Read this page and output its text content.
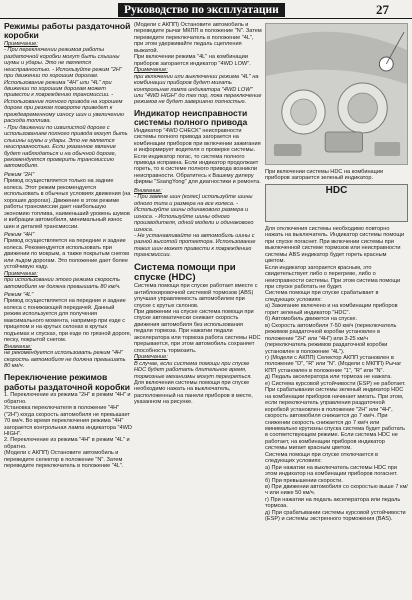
Руководство по эксплуатации	27

Режимы работы раздаточной коробки

Примечание:

- При переключении режимов работы раздаточной коробки могут быть слышны шумы и удары. Это не является неисправностью. - Используйте режим "2Н" при движении по хорошим дорогам. Использование режима "4Н" или "4L" при движении по хорошим дорогам может привести к повреждению трансмиссии. - Использование полного привода на хорошем дороге при резком повороте приведет к преждевременному износу шин и увеличению расхода топлива.

- При движении по извилистой дороге с использованием полного привода могут быть слышны шумы и удары. Это не является неисправностью. Если указанное явление будет наблюдаться и на обычной дороге, рекомендуется проверить трансмиссию автомобиля.

Режим "2Н"

Привод осуществляется только на задние колеса. Этот режим рекомендуется использовать в обычных условиях движения (на хороших дорогах). Движение в этом режиме работы трансмиссии дает наибольшую экономию топлива, наименьший уровень шумов и вибрации автомобиля, минимальный износ шин и деталей трансмиссии.

Режим "4Н"

Привод осуществляется на передние и задние колеса. Рекомендуется использовать при движении по мокрым, а также покрытым снегом или льдом дорогам. Это положение дает более устойчивую езду.

Примечание:

при использовании этого режима скорость автомобиля не должна превышать 80 км/ч.

Режим "4L"

Привод осуществляется на передние и задние колеса с понижающей передачей. Данный режим используется для получения максимального момента, например при езде с прицепом и на крутых склонах в крутых подъемах и спусках, при езде по грязной дороге, песку, покрытой снегом.

Внимание:

не рекомендуется использовать режим "4Н" скорость автомобиля не должна превышать 80 км/ч.

Переключение режимов работы раздаточной коробки

1. Переключение из режима "2Н" в режим "4Н" и обратно.

Установка переключателя в положение "4Н" ("2Н") когда скорость автомобиля не превышает 70 км/ч. Во время переключения режима "4H" загорается контрольная лампа индикатора "4WD HIGH".

2. Переключение из режима "4Н" в режим "4L" и обратно.

(Модели с АКПП) Остановите автомобиль и переведите селектор в положение "N". Затем переведите переключатель в положение "4L".

(Модели с АКПП) Остановите автомобиль и переведите рычаг МКПП в положение "N". Затем переведите переключатель в положение "4L", при этом удерживайте педаль сцепления выжатой.

При включении режима "4L" на комбинации приборов загорается индикатор "4WD LOW".

Примечание:

при включении или выключении режима "4L" на комбинации приборов будет мигать контрольная лампа индикатора "4WD LOW" или "4WD HIGH" до тех пор, пока переключение режимов не будет завершено полностью.

Индикатор неисправности системы полного привода

Индикатор "4WD CHECK" неисправности системы полного привода загорается на комбинации приборов при включении зажигания и информирует водителя о проверке системы. Если индикатор погас, то система полного привода исправна. Если индикатор продолжает гореть, то в системе полного привода возникли неисправности. Обратитесь к Вашему дилеру фирмы "SsangYong" для диагностики и ремонта.

Внимание:

- При замене шин (колес) используйте шины одного типа и размера на все колеса. - Используйте шины одинакового размера и износа. - Используйте шины одного производителя, одной модели и одинакового износа.

- Не устанавливайте на автомобиль шины с разной высотой протектора. Использование таких шин может привести к повреждению трансмиссии.

Система помощи при спуске (HDC)

Система помощи при спуске работает вместе с антиблокировочной системой тормозов (ABS) улучшая управляемость автомобилем при спуске с крутых склонов.

При движении на спуске система помощи при спуске автоматически снижает скорость движения автомобиля без использования педали тормоза. При нажатии педали акселератора или тормоза работа системы HDC прерывается, при этом автомобиль сохраняет способность тормозить.

Примечание:

В случае, если система помощи при спуске HDC будет работать длительное время, тормозные механизмы могут перегреться.

Для включения системы помощи при спуске необходимо нажать на выключатель, расположенный на панели приборов в месте, указанном на рисунке.

При включении системы HDC на комбинации приборов загорается зеленый индикатор.

HDC

Для отключения системы необходимо повторно нажать на выключатель. Индикатор системы помощи при спуске погаснет. При включении системы при выключенной системе тормозов или неисправности системы ABS индикатор будет гореть красным цветом.

Если индикатор загорается красным, это свидетельствует либо о перегреве, либо о неисправности системы. При этом система помощи при спуске работать не будет.

Система помощи при спуске срабатывает в следующих условиях:

а) Зажигание включено и на комбинации приборов горит зеленый индикатор "HDC".

б) Автомобиль движется на спуске.

в) Скорость автомобиля 7-50 км/ч (переключатель режимов раздаточной коробки установлен в положение "2Н" или "4Н") или 3-25 км/ч (переключатель режимов раздаточной коробки установлен в положение "4L").

г) (Модели с АКПП) Селектор АКПП установлен в положение "D", "R" или "N". (Модели с МКПП) Рычаг КПП установлен в положение "1", "R" или "N".

д) Педаль акселератора или тормоза не нажата.

е) Система курсовой устойчивости (ESP) не работает.

При срабатывании системы зеленый индикатор HDC на комбинации приборов начинает мигать. При этом, если переключатель управления раздаточной коробкой установлен в положение "2Н" или "4Н", скорость автомобиля снижается до 7 км/ч. При снижении скорость снижается до 7 км/ч или минимально крутизны спуска система будет работать в соответствующем режиме. Если система HDC не работает, на комбинации приборов индикатор системы мигает красным цветом.

Система помощи при спуске отключается в следующих условиях:

а) При нажатии на выключатель системы HDC при этом индикатор на комбинации приборов погаснет.

б) При превышении скорости.

в) При движении автомобиля со скоростью выше 7 км/ч или ниже 50 км/ч.

г) При нажатии на педаль акселератора или педаль тормоза.

д) При срабатывании системы курсовой устойчивости (ESP) и системы экстренного торможения (BAS).
